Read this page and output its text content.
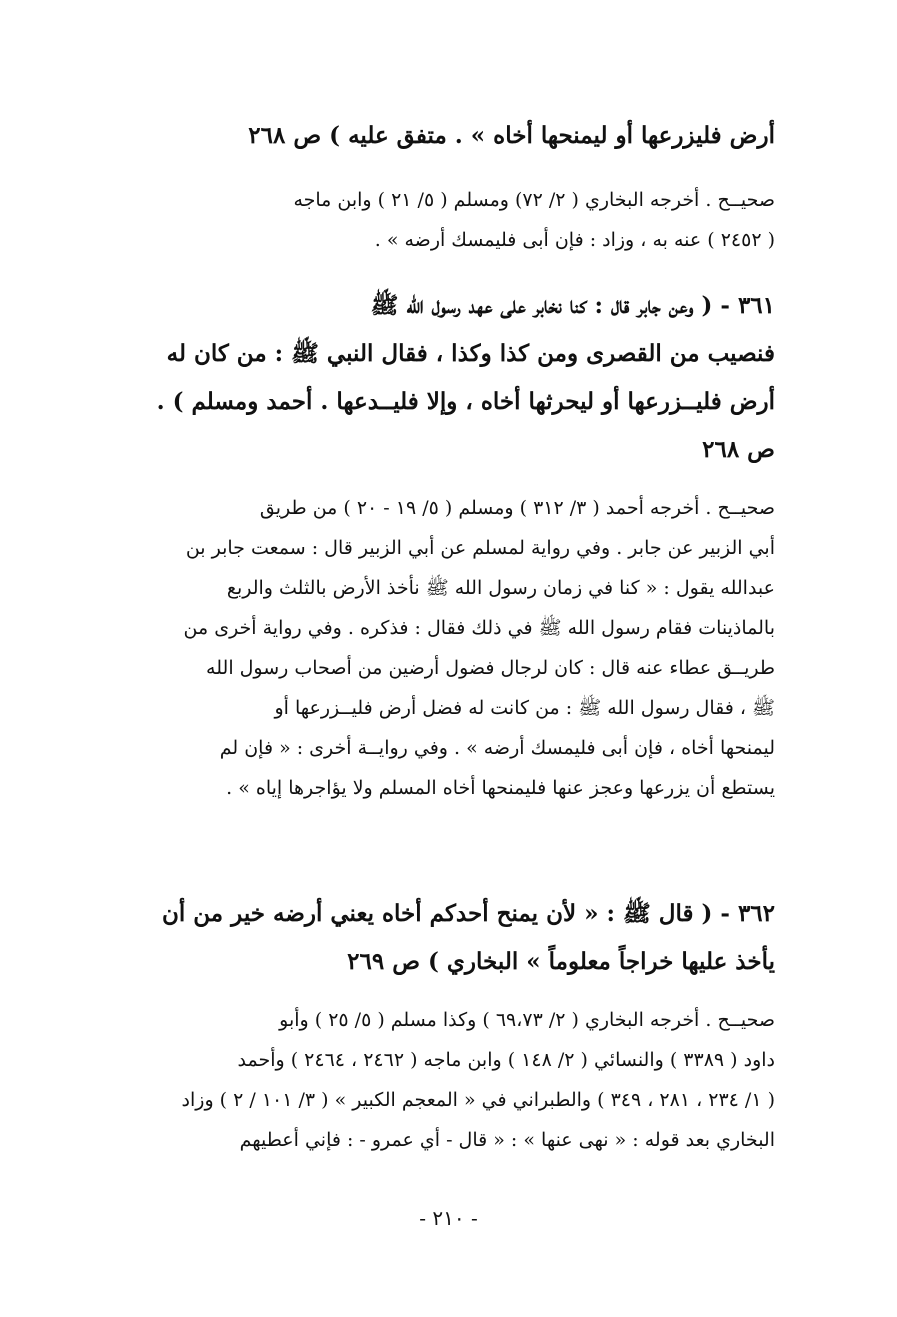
أرض فليزرعها أو ليمنحها أخاه » . متفق عليه ) ص ٢٦٨

صحيــح . أخرجه البخاري ( ٢/ ٧٢) ومسلم ( ٥/ ٢١ ) وابن ماجه

( ٢٤٥٢ ) عنه به ، وزاد : فإن أبى فليمسك أرضه » .

٣٦١ - ( وعن جابر قال : كنا نخابر على عهد رسول الله ﷺ

فنصيب من القصرى ومن كذا وكذا ، فقال النبي ﷺ : من كان له

أرض فليــزرعها أو ليحرثها أخاه ، وإلا فليــدعها . أحمد ومسلم ) .

ص ٢٦٨

صحيــح . أخرجه أحمد ( ٣/ ٣١٢ ) ومسلم ( ٥/ ١٩ - ٢٠ ) من طريق

أبي الزبير عن جابر . وفي رواية لمسلم عن أبي الزبير قال : سمعت جابر بن

عبدالله يقول : « كنا في زمان رسول الله ﷺ نأخذ الأرض بالثلث والربع

بالماذينات فقام رسول الله ﷺ في ذلك فقال : فذكره . وفي رواية أخرى من

طريــق عطاء عنه قال : كان لرجال فضول أرضين من أصحاب رسول الله

ﷺ ، فقال رسول الله ﷺ : من كانت له فضل أرض فليــزرعها أو

ليمنحها أخاه ، فإن أبى فليمسك أرضه » . وفي روايــة أخرى : « فإن لم

يستطع أن يزرعها وعجز عنها فليمنحها أخاه المسلم ولا يؤاجرها إياه » .

٣٦٢ - ( قال ﷺ : « لأن يمنح أحدكم أخاه يعني أرضه خير من أن

يأخذ عليها خراجاً معلوماً » البخاري ) ص ٢٦٩

صحيــح . أخرجه البخاري ( ٢/ ٦٩،٧٣ ) وكذا مسلم ( ٥/ ٢٥ ) وأبو

داود ( ٣٣٨٩ ) والنسائي ( ٢/ ١٤٨ ) وابن ماجه ( ٢٤٦٢ ، ٢٤٦٤ ) وأحمد

( ١/ ٢٣٤ ، ٢٨١ ، ٣٤٩ ) والطبراني في « المعجم الكبير » ( ٣/ ١٠١ / ٢ ) وزاد

البخاري بعد قوله : « نهى عنها » : « قال - أي عمرو - : فإني أعطيهم

- ٢١٠ -
